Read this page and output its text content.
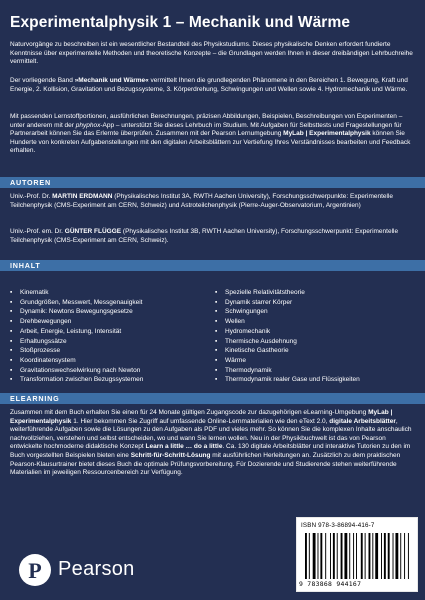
Experimentalphysik 1 – Mechanik und Wärme

Naturvorgänge zu beschreiben ist ein wesentlicher Bestandteil des Physikstudiums. Dieses physikalische Denken erfordert fundierte Kenntnisse über experimentelle Methoden und theoretische Konzepte – die Grundlagen werden Ihnen in dieser dreibändigen Lehrbuchreihe vermittelt.

Der vorliegende Band »Mechanik und Wärme« vermittelt Ihnen die grundlegenden Phänomene in den Bereichen 1. Bewegung, Kraft und Energie, 2. Kollision, Gravitation und Bezugssysteme, 3. Körperdrehung, Schwingungen und Wellen sowie 4. Hydromechanik und Wärme.

Mit passenden Lernstoffportionen, ausführlichen Berechnungen, präzisen Abbildungen, Beispielen, Beschreibungen von Experimenten – unter anderem mit der phyphox-App – unterstützt Sie dieses Lehrbuch im Studium. Mit Aufgaben für Selbsttests und Fragestellungen für Partnerarbeit können Sie das Erlernte überprüfen. Zusammen mit der Pearson Lernumgebung MyLab | Experimentalphysik können Sie Hunderte von konkreten Aufgabenstellungen mit den digitalen Arbeitsblättern zur Vertiefung Ihres Verständnisses bearbeiten und Feedback erhalten.

AUTOREN

Univ.-Prof. Dr. MARTIN ERDMANN (Physikalisches Institut 3A, RWTH Aachen University), Forschungsschwerpunkte: Experimentelle Teilchenphysik (CMS-Experiment am CERN, Schweiz) und Astroteilchenphysik (Pierre-Auger-Observatorium, Argentinien)

Univ.-Prof. em. Dr. GÜNTER FLÜGGE (Physikalisches Institut 3B, RWTH Aachen University), Forschungsschwerpunkt: Experimentelle Teilchenphysik (CMS-Experiment am CERN, Schweiz).

INHALT
▪ Kinematik
▪ Grundgrößen, Messwert, Messgenauigkeit
▪ Dynamik: Newtons Bewegungsgesetze
▪ Drehbewegungen
▪ Arbeit, Energie, Leistung, Intensität
▪ Erhaltungssätze
▪ Stoßprozesse
▪ Koordinatensystem
▪ Gravitationswechselwirkung nach Newton
▪ Transformation zwischen Bezugssystemen
▪ Spezielle Relativitätstheorie
▪ Dynamik starrer Körper
▪ Schwingungen
▪ Wellen
▪ Hydromechanik
▪ Thermische Ausdehnung
▪ Kinetische Gastheorie
▪ Wärme
▪ Thermodynamik
▪ Thermodynamik realer Gase und Flüssigkeiten
ELEARNING

Zusammen mit dem Buch erhalten Sie einen für 24 Monate gültigen Zugangscode zur dazugehörigen eLearning-Umgebung MyLab | Experimentalphysik 1. Hier bekommen Sie Zugriff auf umfassende Online-Lernmaterialien wie den eText 2.0, digitale Arbeitsblätter, weiterführende Aufgaben sowie die Lösungen zu den Aufgaben als PDF und vieles mehr. So können Sie die komplexen Inhalte anschaulich nachvollziehen, verstehen und selbst entscheiden, wo und wann Sie lernen wollen. Neu in der Physikbuchwelt ist das von Pearson entwickelte hochmoderne didaktische Konzept Learn a little … do a little. Ca. 130 digitale Arbeitsblätter und interaktive Tutorien zu den im Buch vorgestellten Beispielen bieten eine Schritt-für-Schritt-Lösung mit ausführlichen Herleitungen an. Zusätzlich zu dem praktischen Pearson-Klausurtrainer bietet dieses Buch die optimale Prüfungsvorbereitung. Für Dozierende und Studierende stehen weiterführende Materialien im jeweiligen Ressourcenbereich zur Verfügung.

P Pearson
ISBN 978-3-86894-416-7
9 783868 944167
